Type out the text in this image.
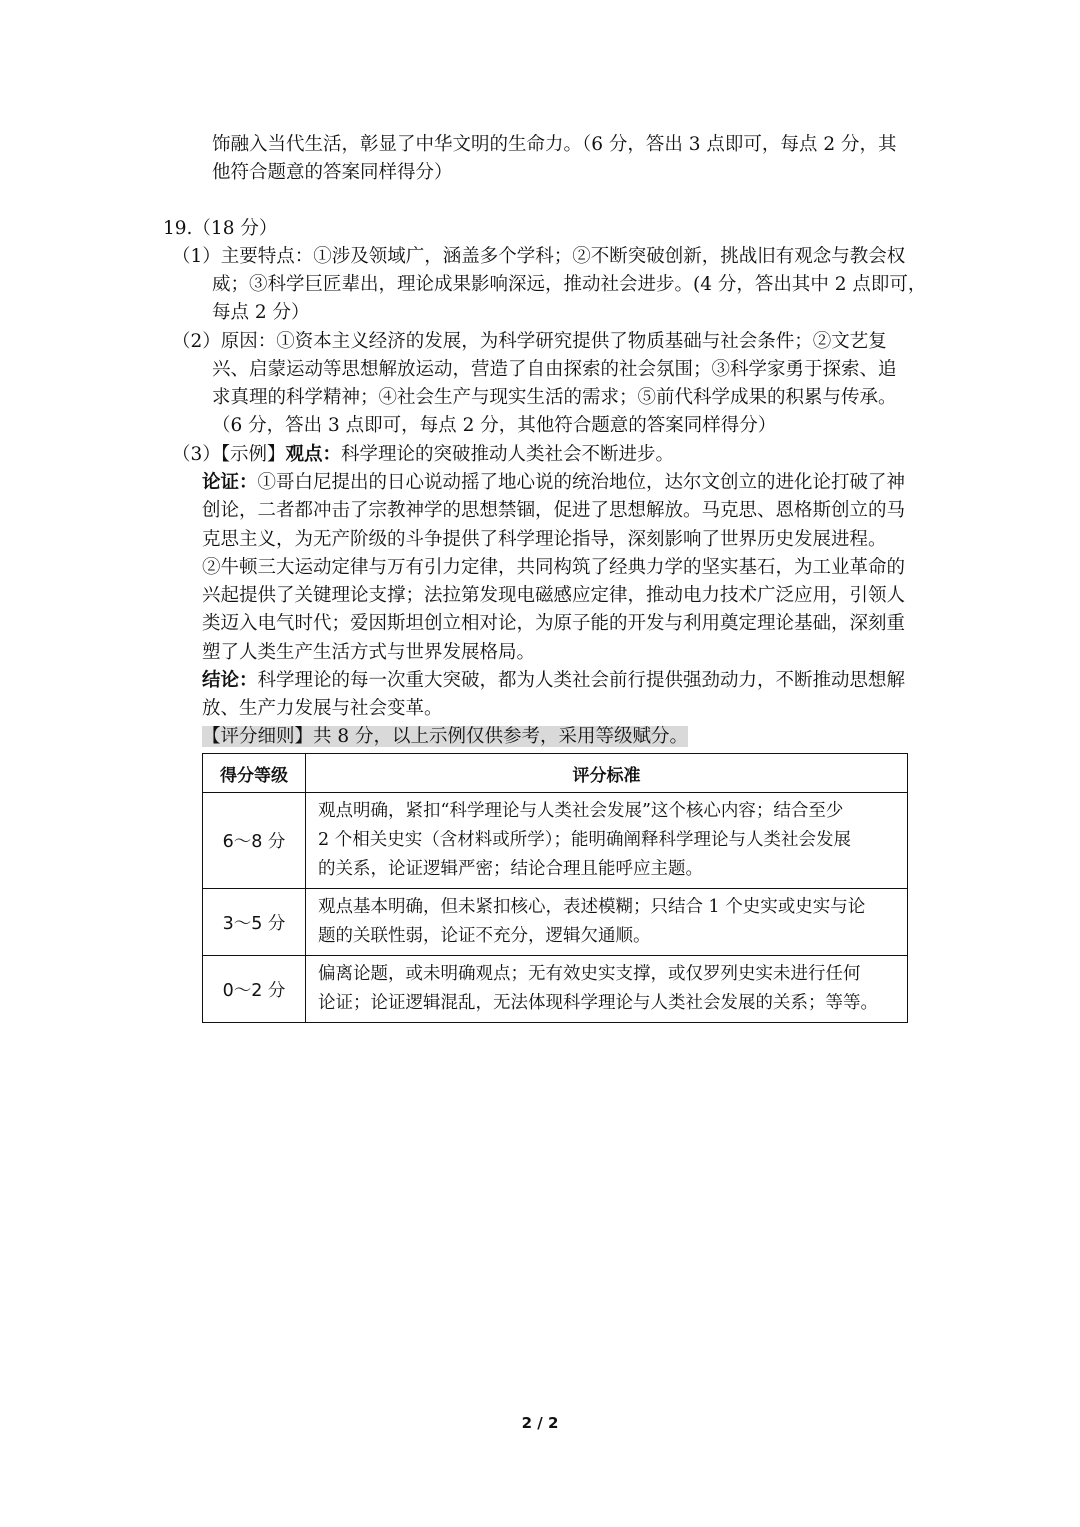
饰融入当代生活，彰显了中华文明的生命力。（6 分，答出 3 点即可，每点 2 分，其
他符合题意的答案同样得分）
19.（18 分）
（1）主要特点：①涉及领域广，涵盖多个学科；②不断突破创新，挑战旧有观念与教会权
威；③科学巨匠辈出，理论成果影响深远，推动社会进步。(4 分，答出其中 2 点即可，
每点 2 分）
（2）原因：①资本主义经济的发展，为科学研究提供了物质基础与社会条件；②文艺复
兴、启蒙运动等思想解放运动，营造了自由探索的社会氛围；③科学家勇于探索、追
求真理的科学精神；④社会生产与现实生活的需求；⑤前代科学成果的积累与传承。
（6 分，答出 3 点即可，每点 2 分，其他符合题意的答案同样得分）
（3）【示例】观点：科学理论的突破推动人类社会不断进步。
论证：①哥白尼提出的日心说动摇了地心说的统治地位，达尔文创立的进化论打破了神
创论，二者都冲击了宗教神学的思想禁锢，促进了思想解放。马克思、恩格斯创立的马
克思主义，为无产阶级的斗争提供了科学理论指导，深刻影响了世界历史发展进程。
②牛顿三大运动定律与万有引力定律，共同构筑了经典力学的坚实基石，为工业革命的
兴起提供了关键理论支撑；法拉第发现电磁感应定律，推动电力技术广泛应用，引领人
类迈入电气时代；爱因斯坦创立相对论，为原子能的开发与利用奠定理论基础，深刻重
塑了人类生产生活方式与世界发展格局。
结论：科学理论的每一次重大突破，都为人类社会前行提供强劲动力，不断推动思想解
放、生产力发展与社会变革。
【评分细则】共 8 分，以上示例仅供参考，采用等级赋分。
得分等级	评分标准
6～8 分	观点明确，紧扣“科学理论与人类社会发展”这个核心内容；结合至少
2 个相关史实（含材料或所学）；能明确阐释科学理论与人类社会发展
的关系，论证逻辑严密；结论合理且能呼应主题。

3～5 分	观点基本明确，但未紧扣核心，表述模糊；只结合 1 个史实或史实与论
题的关联性弱，论证不充分，逻辑欠通顺。

0～2 分	偏离论题，或未明确观点；无有效史实支撑，或仅罗列史实未进行任何
论证；论证逻辑混乱，无法体现科学理论与人类社会发展的关系；等等。
2 / 2
